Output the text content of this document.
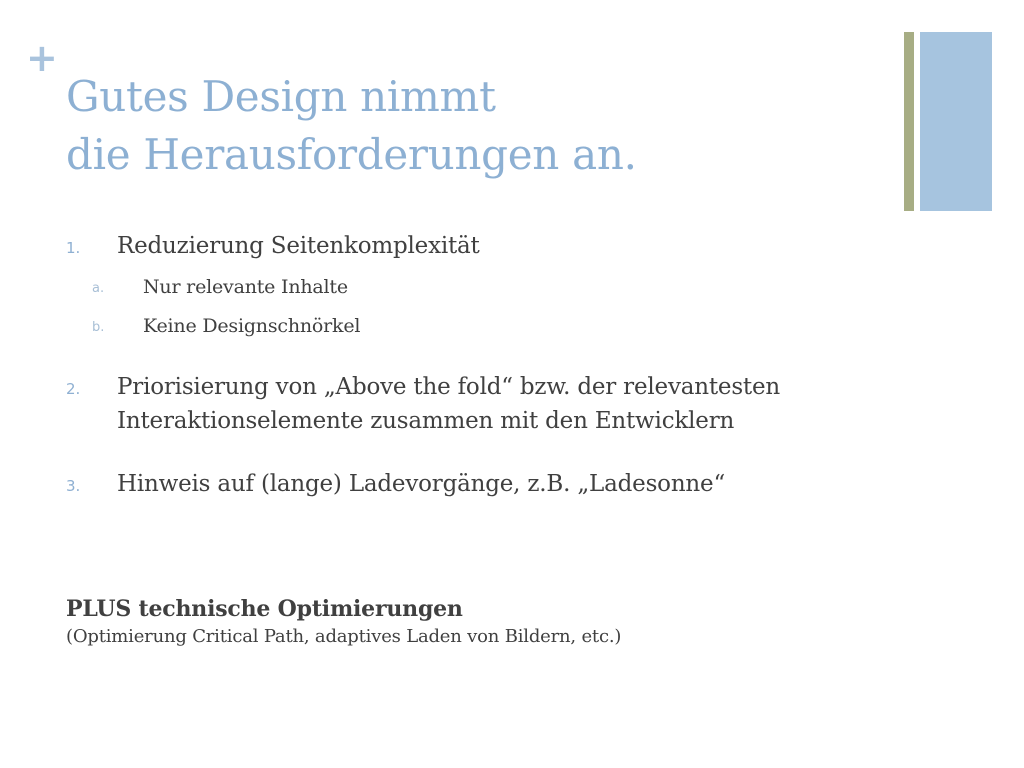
+
Gutes Design nimmt
die Herausforderungen an.
1. Reduzierung Seitenkomplexität
a. Nur relevante Inhalte
b. Keine Designschnörkel
2. Priorisierung von „Above the fold“ bzw. der relevantesten
Interaktionselemente zusammen mit den Entwicklern
3. Hinweis auf (lange) Ladevorgänge, z.B. „Ladesonne“
PLUS technische Optimierungen
(Optimierung Critical Path, adaptives Laden von Bildern, etc.)
